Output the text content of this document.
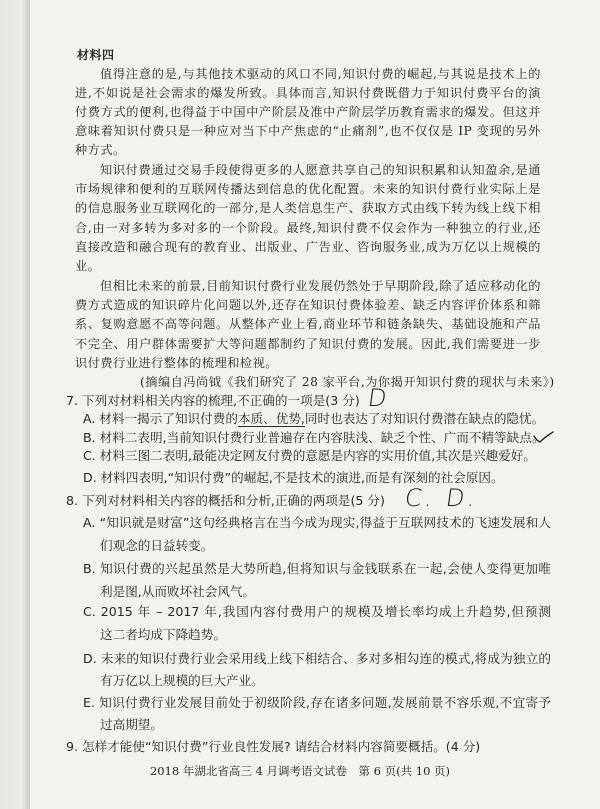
材料四
值得注意的是,与其他技术驱动的风口不同,知识付费的崛起,与其说是技术上的
进,不如说是社会需求的爆发所致。具体而言,知识付费既借力于知识付费平台的演
付费方式的便利,也得益于中国中产阶层及准中产阶层学历教育需求的爆发。但这并
意味着知识付费只是一种应对当下中产焦虑的“止痛剂”,也不仅仅是 IP 变现的另外
种方式。
知识付费通过交易手段使得更多的人愿意共享自己的知识积累和认知盈余,是通
市场规律和便利的互联网传播达到信息的优化配置。未来的知识付费行业实际上是
的信息服务业互联网化的一部分,是人类信息生产、获取方式由线下转为线上线下相
合,由一对多转为多对多的一个阶段。最终,知识付费不仅会作为一种独立的行业,还
直接改造和融合现有的教育业、出版业、广告业、咨询服务业,成为万亿以上规模的
业。
但相比未来的前景,目前知识付费行业发展仍然处于早期阶段,除了适应移动化的
费方式造成的知识碎片化问题以外,还存在知识付费体验差、缺乏内容评价体系和筛
系、复购意愿不高等问题。从整体产业上看,商业环节和链条缺失、基础设施和产品
不完全、用户群体需要扩大等问题都制约了知识付费的发展。因此,我们需要进一步
识付费行业进行整体的梳理和检视。
(摘编自冯尚钺《我们研究了 28 家平台,为你揭开知识付费的现状与未来》)
7. 下列对材料相关内容的梳理,不正确的一项是(3 分) D
A. 材料一揭示了知识付费的本质、优势,同时也表达了对知识付费潜在缺点的隐忧。
B. 材料二表明,当前知识付费行业普遍存在内容肤浅、缺乏个性、广而不精等缺点。
C. 材料三图二表明,最能决定网友付费的意愿是内容的实用价值,其次是兴趣爱好。
D. 材料四表明,“知识付费”的崛起,不是技术的演进,而是有深刻的社会原因。
8. 下列对材料相关内容的概括和分析,正确的两项是(5 分) C. D.
A. “知识就是财富”这句经典格言在当今成为现实,得益于互联网技术的飞速发展和人
们观念的日益转变。
B. 知识付费的兴起虽然是大势所趋,但将知识与金钱联系在一起,会使人变得更加唯
利是图,从而败坏社会风气。
C. 2015 年 – 2017 年,我国内容付费用户的规模及增长率均成上升趋势,但预测
这二者均成下降趋势。
D. 未来的知识付费行业会采用线上线下相结合、多对多相勾连的模式,将成为独立的
有万亿以上规模的巨大产业。
E. 知识付费行业发展目前处于初级阶段,存在诸多问题,发展前景不容乐观,不宜寄予
过高期望。
9. 怎样才能使“知识付费”行业良性发展? 请结合材料内容简要概括。(4 分)
2018 年湖北省高三 4 月调考语文试卷　第 6 页(共 10 页)
